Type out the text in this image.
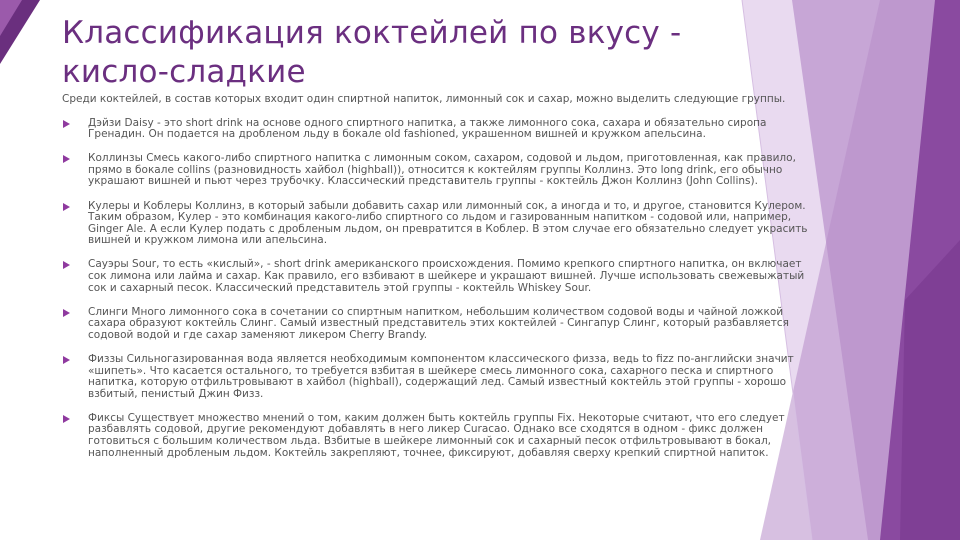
Классификация коктейлей по вкусу - кисло-сладкие

Среди коктейлей, в состав которых входит один спиртной напиток, лимонный сок и сахар, можно выделить следующие группы.

Дэйзи Daisy - это short drink на основе одного спиртного напитка, а также лимонного сока, сахара и обязательно сиропа Гренадин. Он подается на дробленом льду в бокале old fashioned, украшенном вишней и кружком апельсина.
Коллинзы Смесь какого-либо спиртного напитка с лимонным соком, сахаром, содовой и льдом, приготовленная, как правило, прямо в бокале collins (разновидность хайбол (highball)), относится к коктейлям группы Коллинз. Это long drink, его обычно украшают вишней и пьют через трубочку. Классический представитель группы - коктейль Джон Коллинз (John Collins).
Кулеры и Коблеры Коллинз, в который забыли добавить сахар или лимонный сок, а иногда и то, и другое, становится Кулером. Таким образом, Кулер - это комбинация какого-либо спиртного со льдом и газированным напитком - содовой или, например, Ginger Ale. А если Кулер подать с дробленым льдом, он превратится в Коблер. В этом случае его обязательно следует украсить вишней и кружком лимона или апельсина.
Сауэры Sour, то есть «кислый», - short drink американского происхождения. Помимо крепкого спиртного напитка, он включает сок лимона или лайма и сахар. Как правило, его взбивают в шейкере и украшают вишней. Лучше использовать свежевыжатый сок и сахарный песок. Классический представитель этой группы - коктейль Whiskey Sour.
Слинги Много лимонного сока в сочетании со спиртным напитком, небольшим количеством содовой воды и чайной ложкой сахара образуют коктейль Слинг. Самый известный представитель этих коктейлей - Сингапур Слинг, который разбавляется содовой водой и где сахар заменяют ликером Cherry Brandy.
Физзы Сильногазированная вода является необходимым компонентом классического физза, ведь to fizz по-английски значит «шипеть». Что касается остального, то требуется взбитая в шейкере смесь лимонного сока, сахарного песка и спиртного напитка, которую отфильтровывают в хайбол (highball), содержащий лед. Самый известный коктейль этой группы - хорошо взбитый, пенистый Джин Физз.
Фиксы Существует множество мнений о том, каким должен быть коктейль группы Fix. Некоторые считают, что его следует разбавлять содовой, другие рекомендуют добавлять в него ликер Curacao. Однако все сходятся в одном - фикс должен готовиться с большим количеством льда. Взбитые в шейкере лимонный сок и сахарный песок отфильтровывают в бокал, наполненный дробленым льдом. Коктейль закрепляют, точнее, фиксируют, добавляя сверху крепкий спиртной напиток.
